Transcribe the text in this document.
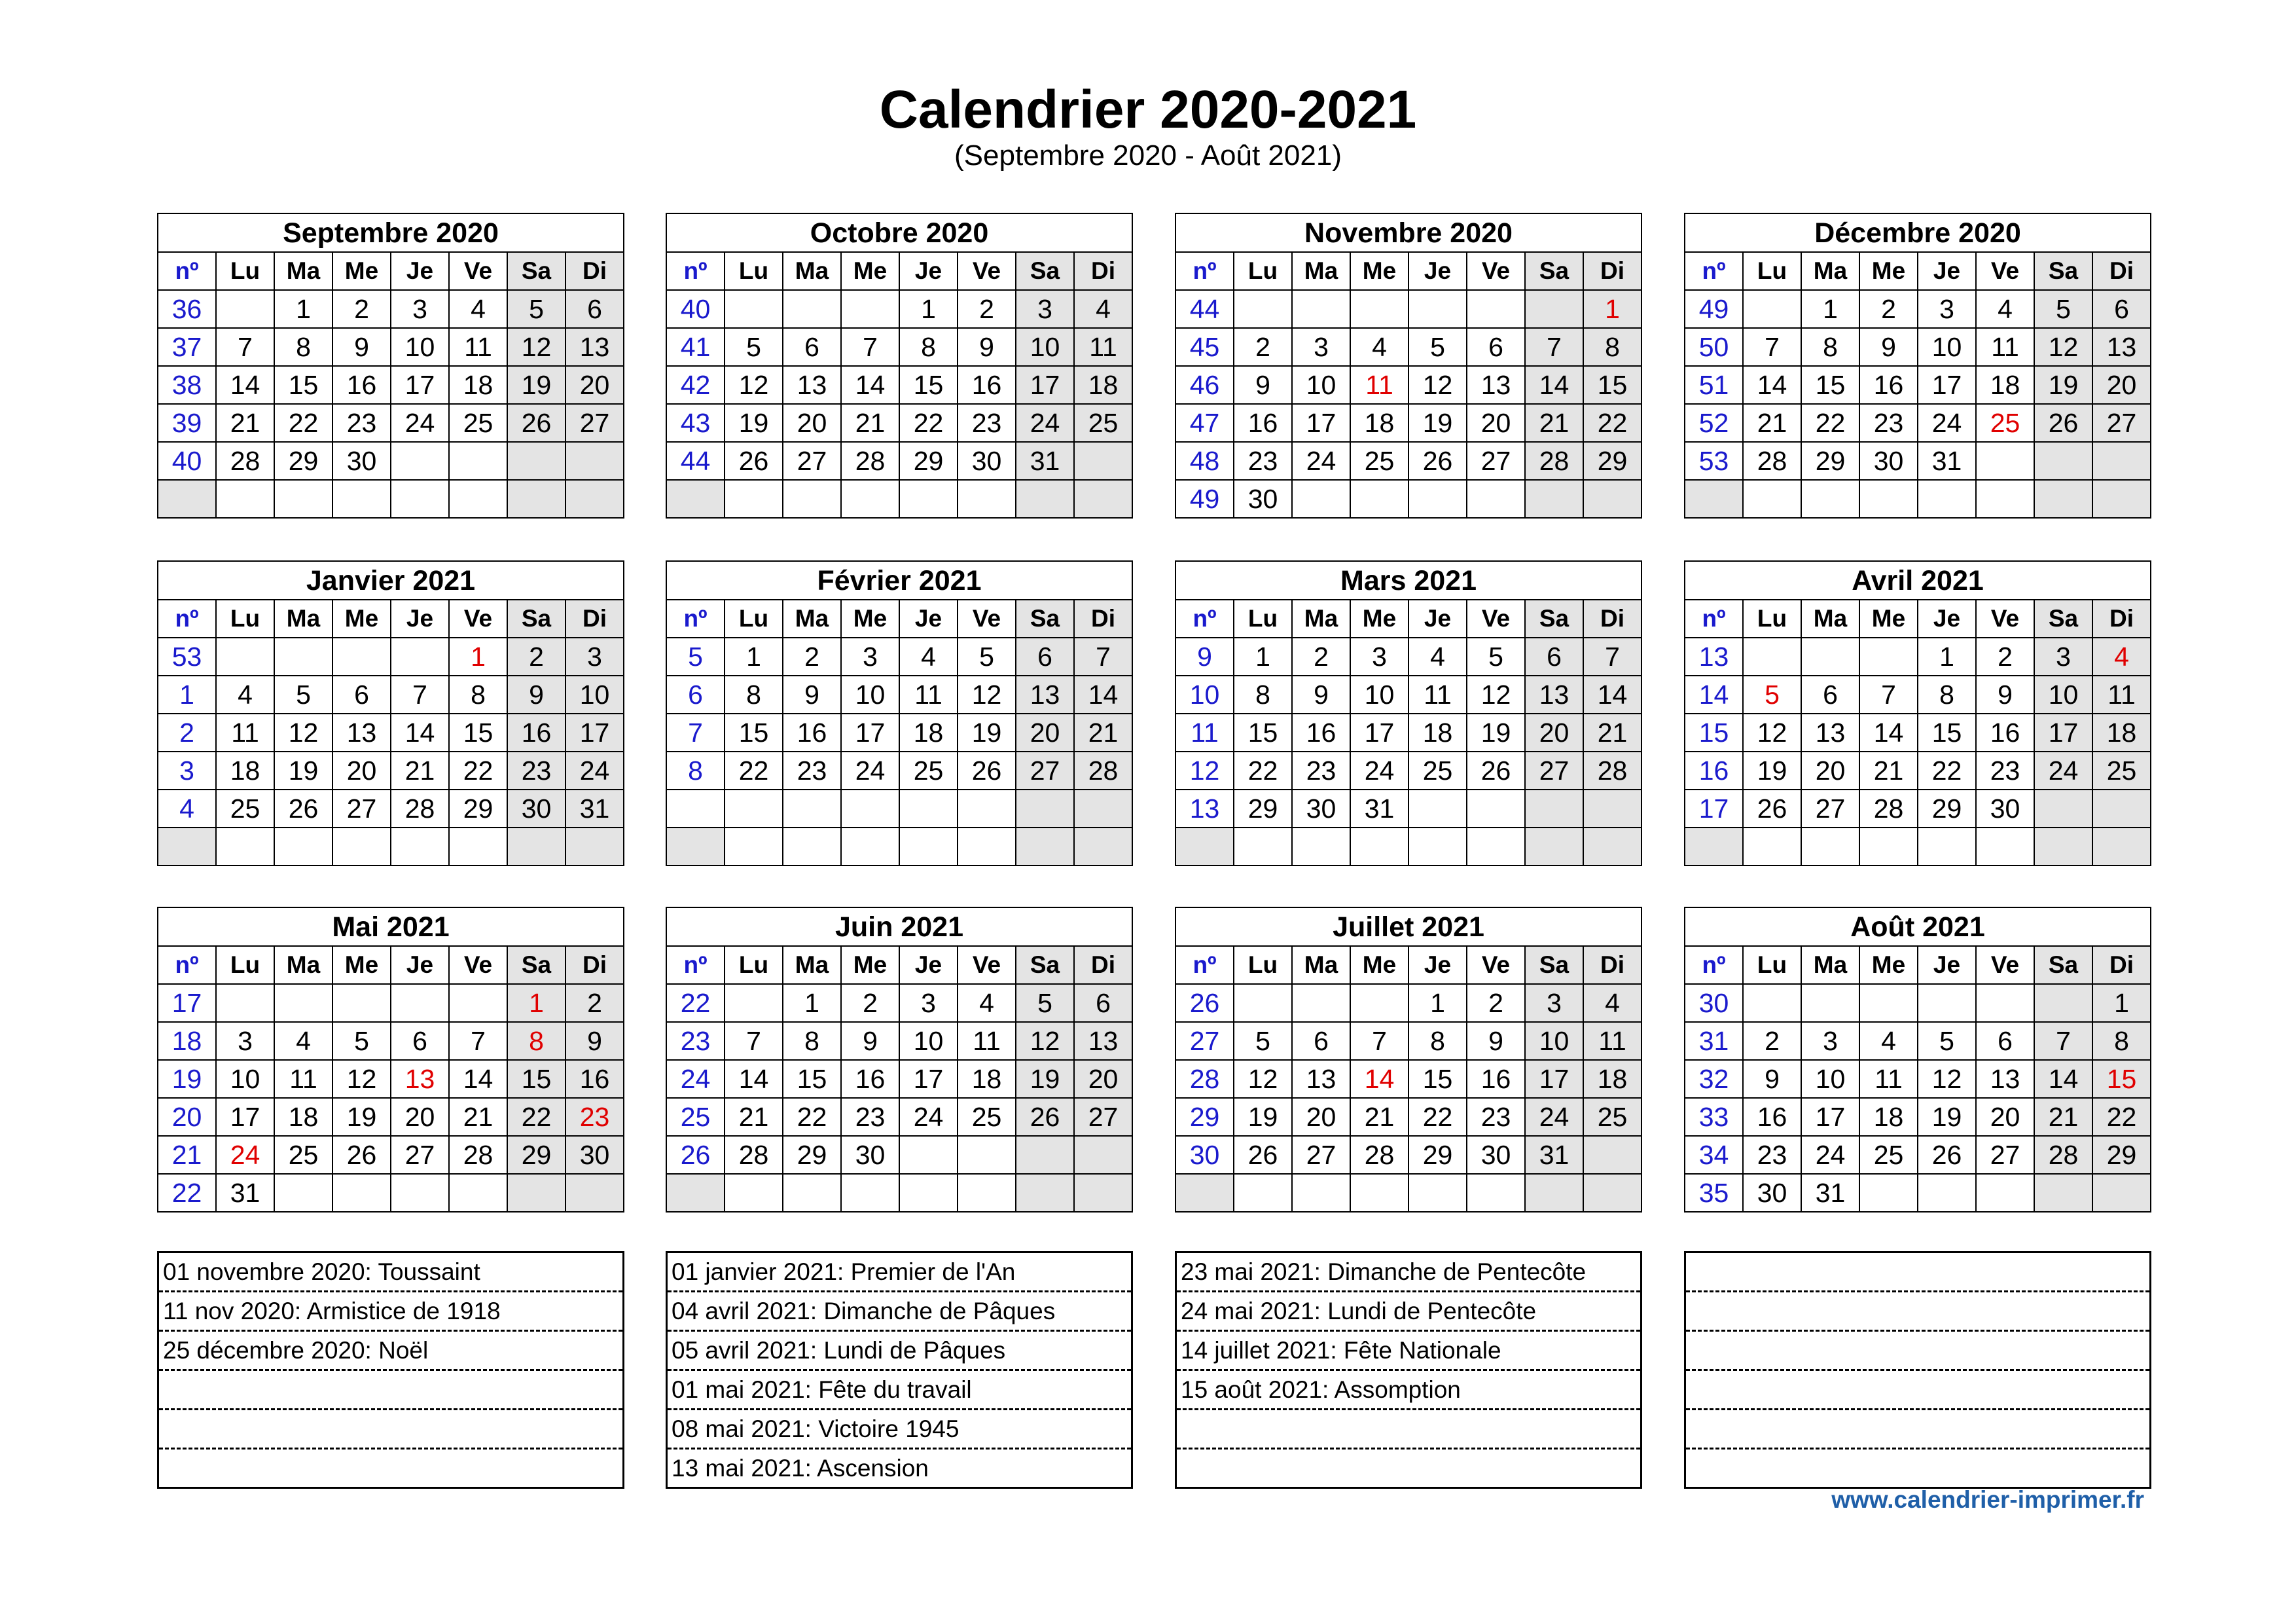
Calendrier 2020-2021
(Septembre 2020 - Août 2021)
Septembre 2020							
nº	Lu	Ma	Me	Je	Ve	Sa	Di
36		1	2	3	4	5	6
37	7	8	9	10	11	12	13
38	14	15	16	17	18	19	20
39	21	22	23	24	25	26	27
40	28	29	30				

Octobre 2020							
nº	Lu	Ma	Me	Je	Ve	Sa	Di
40				1	2	3	4
41	5	6	7	8	9	10	11
42	12	13	14	15	16	17	18
43	19	20	21	22	23	24	25
44	26	27	28	29	30	31	

Novembre 2020							
nº	Lu	Ma	Me	Je	Ve	Sa	Di
44							1
45	2	3	4	5	6	7	8
46	9	10	11	12	13	14	15
47	16	17	18	19	20	21	22
48	23	24	25	26	27	28	29
49	30						
Décembre 2020							
nº	Lu	Ma	Me	Je	Ve	Sa	Di
49		1	2	3	4	5	6
50	7	8	9	10	11	12	13
51	14	15	16	17	18	19	20
52	21	22	23	24	25	26	27
53	28	29	30	31			

Janvier 2021							
nº	Lu	Ma	Me	Je	Ve	Sa	Di
53					1	2	3
1	4	5	6	7	8	9	10
2	11	12	13	14	15	16	17
3	18	19	20	21	22	23	24
4	25	26	27	28	29	30	31

Février 2021							
nº	Lu	Ma	Me	Je	Ve	Sa	Di
5	1	2	3	4	5	6	7
6	8	9	10	11	12	13	14
7	15	16	17	18	19	20	21
8	22	23	24	25	26	27	28

Mars 2021							
nº	Lu	Ma	Me	Je	Ve	Sa	Di
9	1	2	3	4	5	6	7
10	8	9	10	11	12	13	14
11	15	16	17	18	19	20	21
12	22	23	24	25	26	27	28
13	29	30	31				

Avril 2021							
nº	Lu	Ma	Me	Je	Ve	Sa	Di
13				1	2	3	4
14	5	6	7	8	9	10	11
15	12	13	14	15	16	17	18
16	19	20	21	22	23	24	25
17	26	27	28	29	30		

Mai 2021							
nº	Lu	Ma	Me	Je	Ve	Sa	Di
17						1	2
18	3	4	5	6	7	8	9
19	10	11	12	13	14	15	16
20	17	18	19	20	21	22	23
21	24	25	26	27	28	29	30
22	31						
Juin 2021							
nº	Lu	Ma	Me	Je	Ve	Sa	Di
22		1	2	3	4	5	6
23	7	8	9	10	11	12	13
24	14	15	16	17	18	19	20
25	21	22	23	24	25	26	27
26	28	29	30				

Juillet 2021							
nº	Lu	Ma	Me	Je	Ve	Sa	Di
26				1	2	3	4
27	5	6	7	8	9	10	11
28	12	13	14	15	16	17	18
29	19	20	21	22	23	24	25
30	26	27	28	29	30	31	

Août 2021							
nº	Lu	Ma	Me	Je	Ve	Sa	Di
30							1
31	2	3	4	5	6	7	8
32	9	10	11	12	13	14	15
33	16	17	18	19	20	21	22
34	23	24	25	26	27	28	29
35	30	31					
01 novembre 2020: Toussaint
11 nov 2020: Armistice de 1918
25 décembre 2020: Noël
01 janvier 2021: Premier de l'An
04 avril 2021: Dimanche de Pâques
05 avril 2021: Lundi de Pâques
01 mai 2021: Fête du travail
08 mai 2021: Victoire 1945
13 mai 2021: Ascension
23 mai 2021: Dimanche de Pentecôte
24 mai 2021: Lundi de Pentecôte
14 juillet 2021: Fête Nationale
15 août 2021: Assomption
www.calendrier-imprimer.fr
